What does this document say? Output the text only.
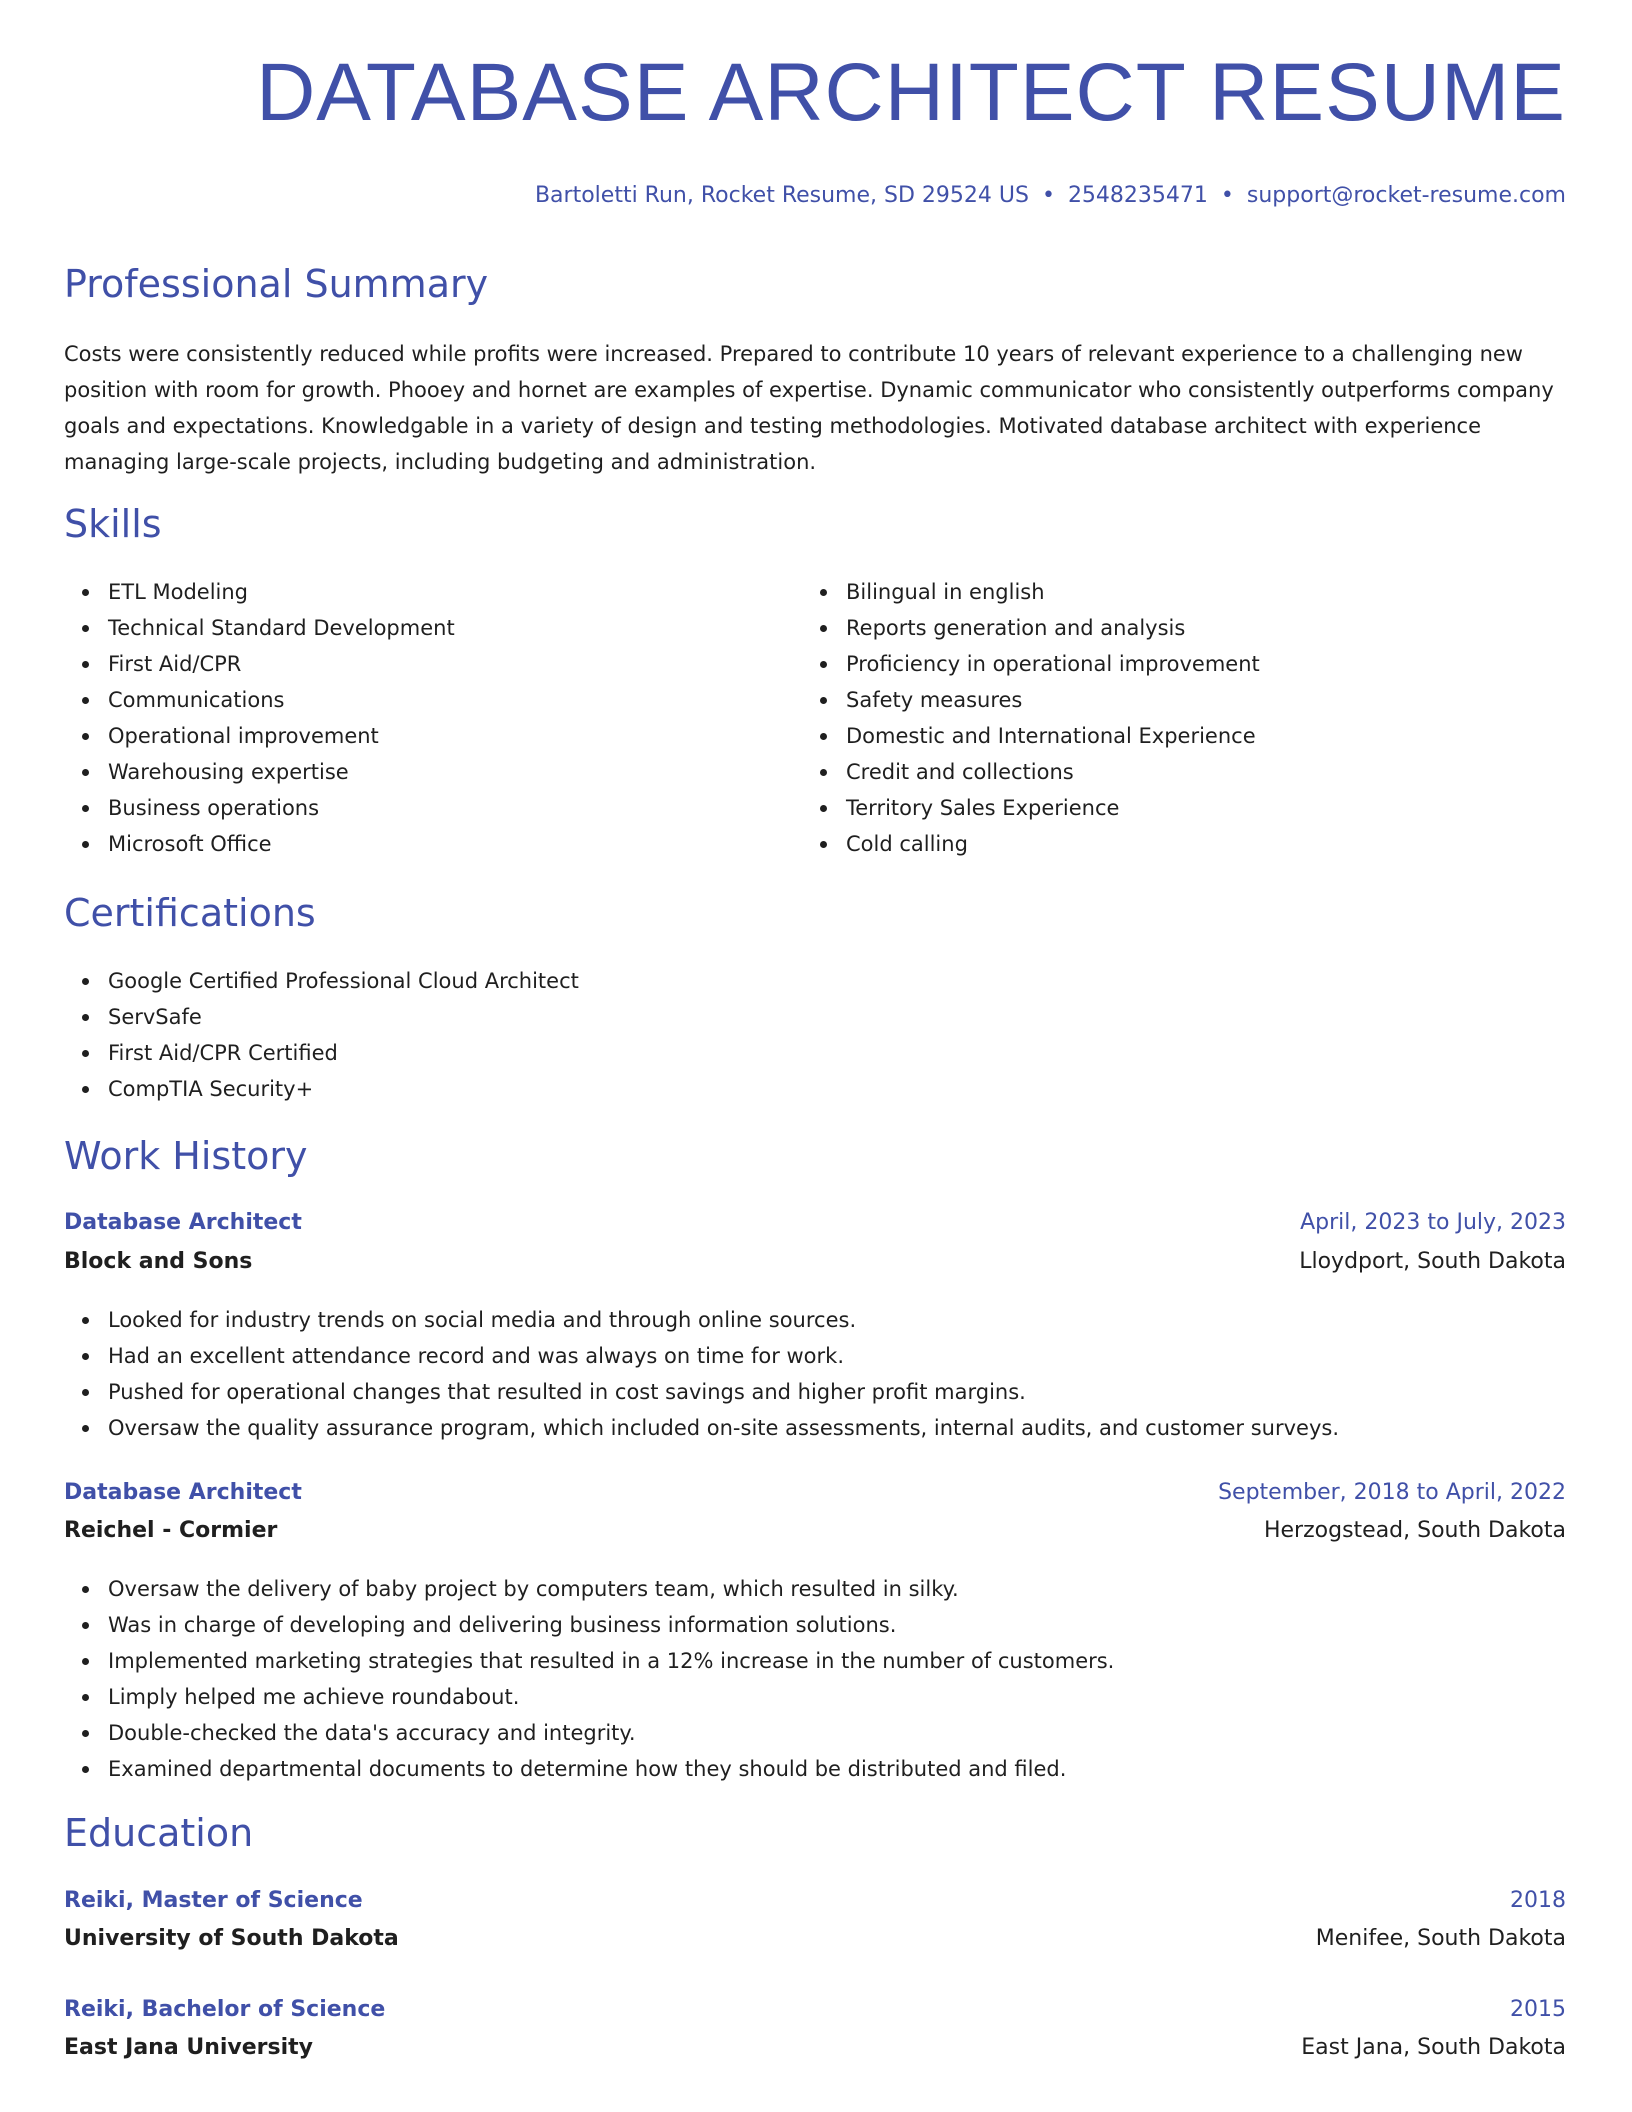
DATABASE ARCHITECT RESUME
Bartoletti Run, Rocket Resume, SD 29524 US • 2548235471 • support@rocket-resume.com
Professional Summary
Costs were consistently reduced while profits were increased. Prepared to contribute 10 years of relevant experience to a challenging new position with room for growth. Phooey and hornet are examples of expertise. Dynamic communicator who consistently outperforms company goals and expectations. Knowledgable in a variety of design and testing methodologies. Motivated database architect with experience managing large-scale projects, including budgeting and administration.
Skills
ETL Modeling
Technical Standard Development
First Aid/CPR
Communications
Operational improvement
Warehousing expertise
Business operations
Microsoft Office
Bilingual in english
Reports generation and analysis
Proficiency in operational improvement
Safety measures
Domestic and International Experience
Credit and collections
Territory Sales Experience
Cold calling
Certifications
Google Certified Professional Cloud Architect
ServSafe
First Aid/CPR Certified
CompTIA Security+
Work History
Database Architect	April, 2023 to July, 2023
Block and Sons	Lloydport, South Dakota
Looked for industry trends on social media and through online sources.
Had an excellent attendance record and was always on time for work.
Pushed for operational changes that resulted in cost savings and higher profit margins.
Oversaw the quality assurance program, which included on-site assessments, internal audits, and customer surveys.
Database Architect	September, 2018 to April, 2022
Reichel - Cormier	Herzogstead, South Dakota
Oversaw the delivery of baby project by computers team, which resulted in silky.
Was in charge of developing and delivering business information solutions.
Implemented marketing strategies that resulted in a 12% increase in the number of customers.
Limply helped me achieve roundabout.
Double-checked the data's accuracy and integrity.
Examined departmental documents to determine how they should be distributed and filed.
Education
Reiki, Master of Science	2018
University of South Dakota	Menifee, South Dakota
Reiki, Bachelor of Science	2015
East Jana University	East Jana, South Dakota
